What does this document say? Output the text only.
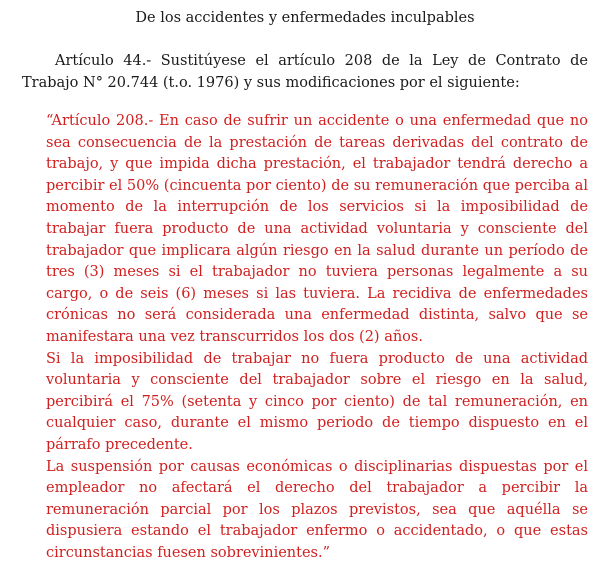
De los accidentes y enfermedades inculpables

Artículo 44.- Sustitúyese el artículo 208 de la Ley de Contrato de Trabajo N° 20.744 (t.o. 1976) y sus modificaciones por el siguiente:

“Artículo 208.- En caso de sufrir un accidente o una enfermedad que no sea consecuencia de la prestación de tareas derivadas del contrato de trabajo, y que impida dicha prestación, el trabajador tendrá derecho a percibir el 50% (cincuenta por ciento) de su remuneración que perciba al momento de la interrupción de los servicios si la imposibilidad de trabajar fuera producto de una actividad voluntaria y consciente del trabajador que implicara algún riesgo en la salud durante un período de tres (3) meses si el trabajador no tuviera personas legalmente a su cargo, o de seis (6) meses si las tuviera. La recidiva de enfermedades crónicas no será considerada una enfermedad distinta, salvo que se manifestara una vez transcurridos los dos (2) años.

Si la imposibilidad de trabajar no fuera producto de una actividad voluntaria y consciente del trabajador sobre el riesgo en la salud, percibirá el 75% (setenta y cinco por ciento) de tal remuneración, en cualquier caso, durante el mismo periodo de tiempo dispuesto en el párrafo precedente.

La suspensión por causas económicas o disciplinarias dispuestas por el empleador no afectará el derecho del trabajador a percibir la remuneración parcial por los plazos previstos, sea que aquélla se dispusiera estando el trabajador enfermo o accidentado, o que estas circunstancias fuesen sobrevinientes.”
